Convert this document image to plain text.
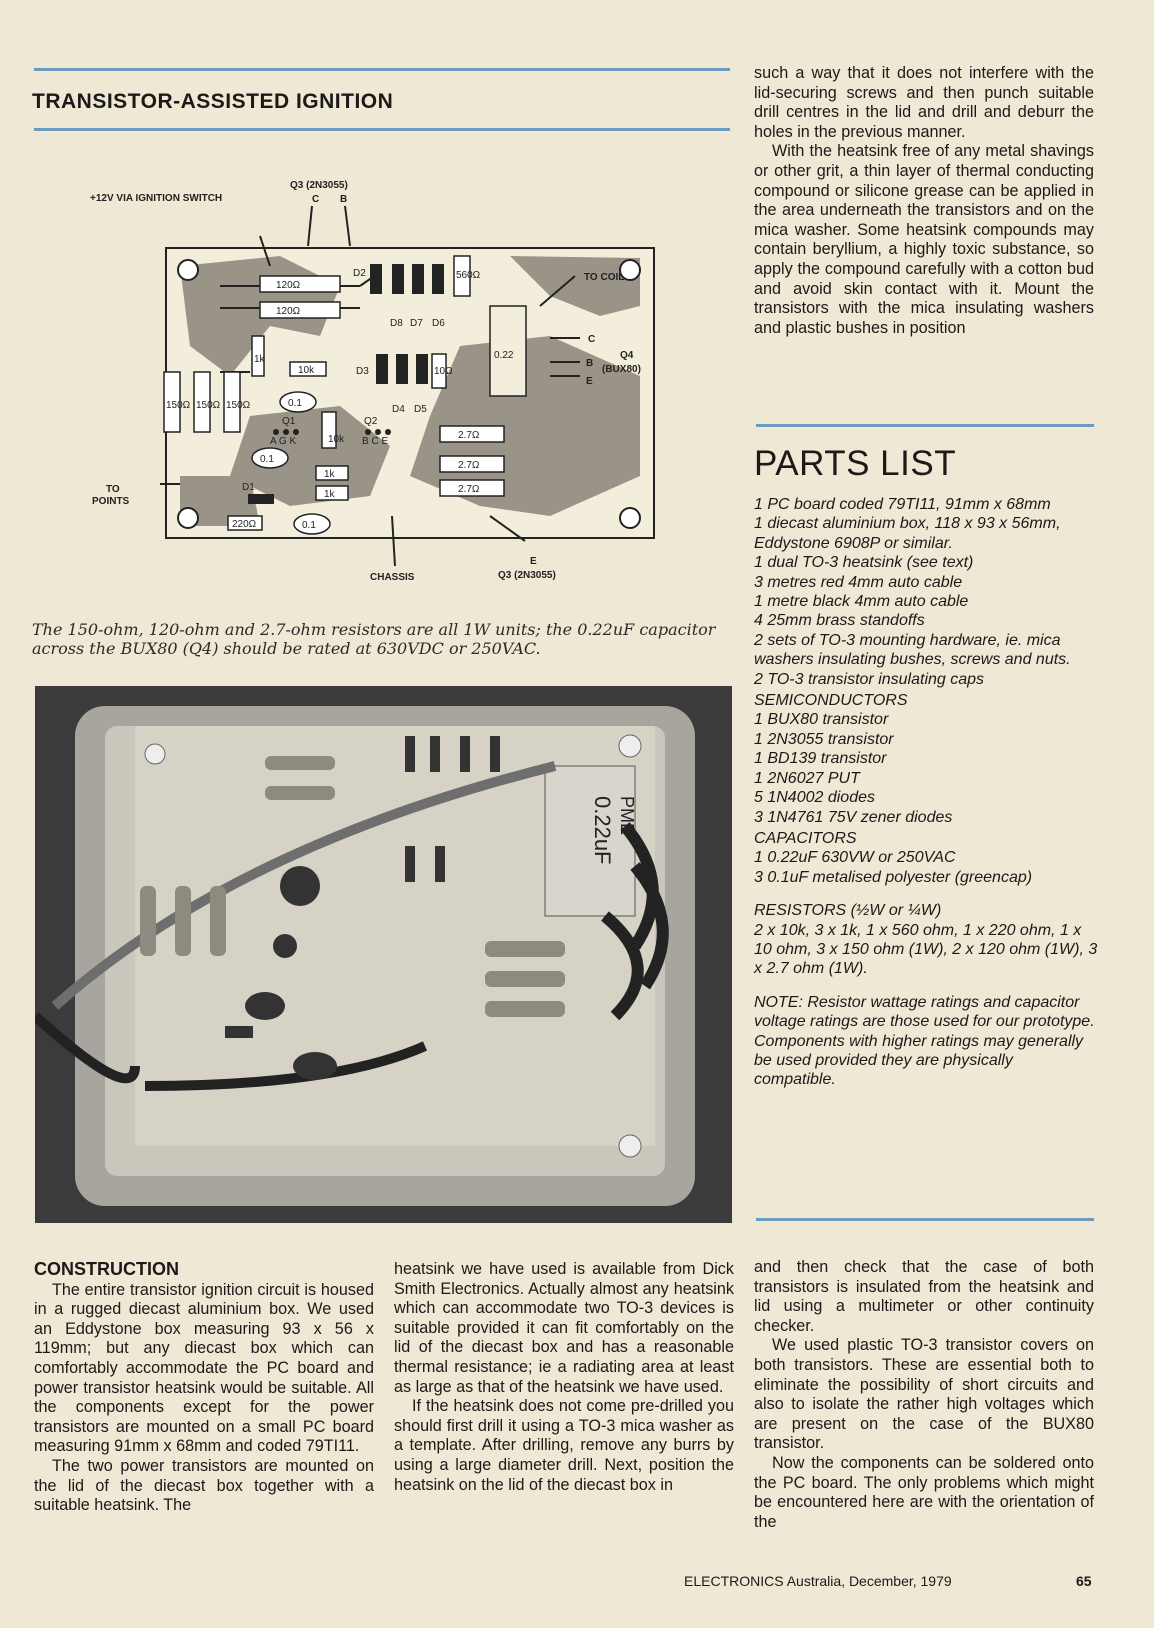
TRANSISTOR-ASSISTED IGNITION
+12V VIA IGNITION SWITCH
Q3 (2N3055)
C B
TO COIL
C
Q4
(BUX80)
B
E
TO
POINTS
CHASSIS
E
Q3 (2N3055)
D2
D3
D8 D7 D6
D4 D5
D1
Q1
A G K
Q2
B C E
120Ω
120Ω
10k
10k
1k
1k
1k
560Ω
10Ω
150Ω 150Ω 150Ω
2.7Ω
2.7Ω
2.7Ω
220Ω
0.22
0.1
0.1
0.1
The 150-ohm, 120-ohm and 2.7-ohm resistors are all 1W units; the 0.22uF capacitor across the BUX80 (Q4) should be rated at 630VDC or 250VAC.
0.22uF PME

such a way that it does not interfere with the lid-securing screws and then punch suitable drill centres in the lid and drill and deburr the holes in the previous manner.

With the heatsink free of any metal shavings or other grit, a thin layer of thermal conducting compound or silicone grease can be applied in the area underneath the transistors and on the mica washer. Some heatsink compounds may contain beryllium, a highly toxic substance, so apply the compound carefully with a cotton bud and avoid skin contact with it. Mount the transistors with the mica insulating washers and plastic bushes in position

PARTS LIST
1 PC board coded 79TI11, 91mm x 68mm
1 diecast aluminium box, 118 x 93 x 56mm, Eddystone 6908P or similar.
1 dual TO-3 heatsink (see text)
3 metres red 4mm auto cable
1 metre black 4mm auto cable
4 25mm brass standoffs
2 sets of TO-3 mounting hardware, ie. mica washers insulating bushes, screws and nuts.
2 TO-3 transistor insulating caps
SEMICONDUCTORS
1 BUX80 transistor
1 2N3055 transistor
1 BD139 transistor
1 2N6027 PUT
5 1N4002 diodes
3 1N4761 75V zener diodes
CAPACITORS
1 0.22uF 630VW or 250VAC
3 0.1uF metalised polyester (greencap)
RESISTORS (½W or ¼W)
2 x 10k, 3 x 1k, 1 x 560 ohm, 1 x 220 ohm, 1 x 10 ohm, 3 x 150 ohm (1W), 2 x 120 ohm (1W), 3 x 2.7 ohm (1W).
NOTE: Resistor wattage ratings and capacitor voltage ratings are those used for our prototype. Components with higher ratings may generally be used provided they are physically compatible.
CONSTRUCTION

The entire transistor ignition circuit is housed in a rugged diecast aluminium box. We used an Eddystone box measuring 93 x 56 x 119mm; but any diecast box which can comfortably accommodate the PC board and power transistor heatsink would be suitable. All the components except for the power transistors are mounted on a small PC board measuring 91mm x 68mm and coded 79TI11.

The two power transistors are mounted on the lid of the diecast box together with a suitable heatsink. The

heatsink we have used is available from Dick Smith Electronics. Actually almost any heatsink which can accommodate two TO-3 devices is suitable provided it can fit comfortably on the lid of the diecast box and has a reasonable thermal resistance; ie a radiating area at least as large as that of the heatsink we have used.

If the heatsink does not come pre-drilled you should first drill it using a TO-3 mica washer as a template. After drilling, remove any burrs by using a large diameter drill. Next, position the heatsink on the lid of the diecast box in

and then check that the case of both transistors is insulated from the heatsink and lid using a multimeter or other continuity checker.

We used plastic TO-3 transistor covers on both transistors. These are essential both to eliminate the possibility of short circuits and also to isolate the rather high voltages which are present on the case of the BUX80 transistor.

Now the components can be soldered onto the PC board. The only problems which might be encountered here are with the orientation of the

ELECTRONICS Australia, December, 1979	65
